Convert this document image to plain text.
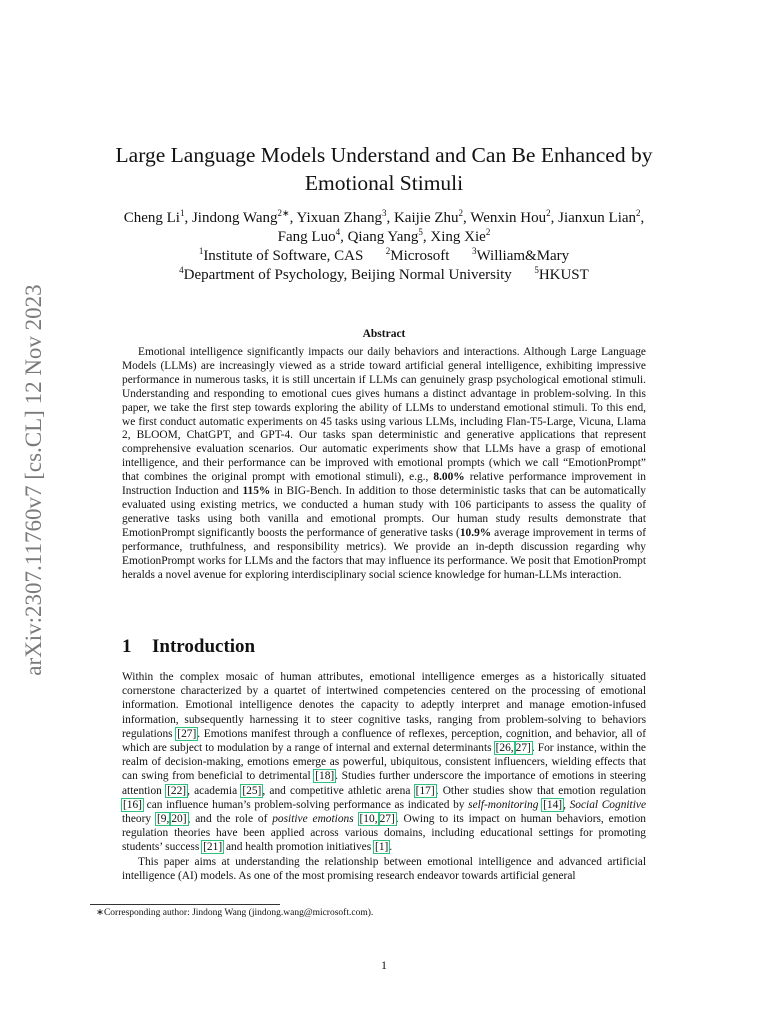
arXiv:2307.11760v7 [cs.CL] 12 Nov 2023
Large Language Models Understand and Can Be Enhanced by
Emotional Stimuli
Cheng Li$^1$, Jindong Wang$^{2∗}$, Yixuan Zhang$^3$, Kaijie Zhu$^2$, Wenxin Hou$^2$, Jianxun Lian$^2$,
Fang Luo$^4$, Qiang Yang$^5$, Xing Xie$^2$
$^1$Institute of Software, CAS  	$^2$Microsoft  	$^3$William&Mary
$^4$Department of Psychology, Beijing Normal University  	$^5$HKUST
Abstract

Emotional intelligence significantly impacts our daily behaviors and interactions. Although Large Language Models (LLMs) are increasingly viewed as a stride toward artificial general intelligence, exhibiting impressive performance in numerous tasks, it is still uncertain if LLMs can genuinely grasp psychological emotional stimuli. Understanding and responding to emotional cues gives humans a distinct advantage in problem-solving. In this paper, we take the first step towards exploring the ability of LLMs to understand emotional stimuli. To this end, we first conduct automatic experiments on 45 tasks using various LLMs, including Flan-T5-Large, Vicuna, Llama 2, BLOOM, ChatGPT, and GPT-4. Our tasks span deterministic and generative applications that represent comprehensive evaluation scenarios. Our automatic experiments show that LLMs have a grasp of emotional intelligence, and their performance can be improved with emotional prompts (which we call “EmotionPrompt” that combines the original prompt with emotional stimuli), e.g., 8.00% relative performance improvement in Instruction Induction and 115% in BIG-Bench. In addition to those deterministic tasks that can be automatically evaluated using existing metrics, we conducted a human study with 106 participants to assess the quality of generative tasks using both vanilla and emotional prompts. Our human study results demonstrate that EmotionPrompt significantly boosts the performance of generative tasks (10.9% average improvement in terms of performance, truthfulness, and responsibility metrics). We provide an in-depth discussion regarding why EmotionPrompt works for LLMs and the factors that may influence its performance. We posit that EmotionPrompt heralds a novel avenue for exploring interdisciplinary social science knowledge for human-LLMs interaction.

1 Introduction

Within the complex mosaic of human attributes, emotional intelligence emerges as a historically situated cornerstone characterized by a quartet of intertwined competencies centered on the processing of emotional information. Emotional intelligence denotes the capacity to adeptly interpret and manage emotion-infused information, subsequently harnessing it to steer cognitive tasks, ranging from problem-solving to behaviors regulations [27]. Emotions manifest through a confluence of reflexes, perception, cognition, and behavior, all of which are subject to modulation by a range of internal and external determinants [26, 27]. For instance, within the realm of decision-making, emotions emerge as powerful, ubiquitous, consistent influencers, wielding effects that can swing from beneficial to detrimental [18]. Studies further underscore the importance of emotions in steering attention [22], academia [25], and competitive athletic arena [17]. Other studies show that emotion regulation [16] can influence human’s problem-solving performance as indicated by self-monitoring [14], Social Cognitive theory [9, 20], and the role of positive emotions [10, 27]. Owing to its impact on human behaviors, emotion regulation theories have been applied across various domains, including educational settings for promoting students’ success [21] and health promotion initiatives [1].

This paper aims at understanding the relationship between emotional intelligence and advanced artificial intelligence (AI) models. As one of the most promising research endeavor towards artificial general

∗Corresponding author: Jindong Wang (jindong.wang@microsoft.com).
1
